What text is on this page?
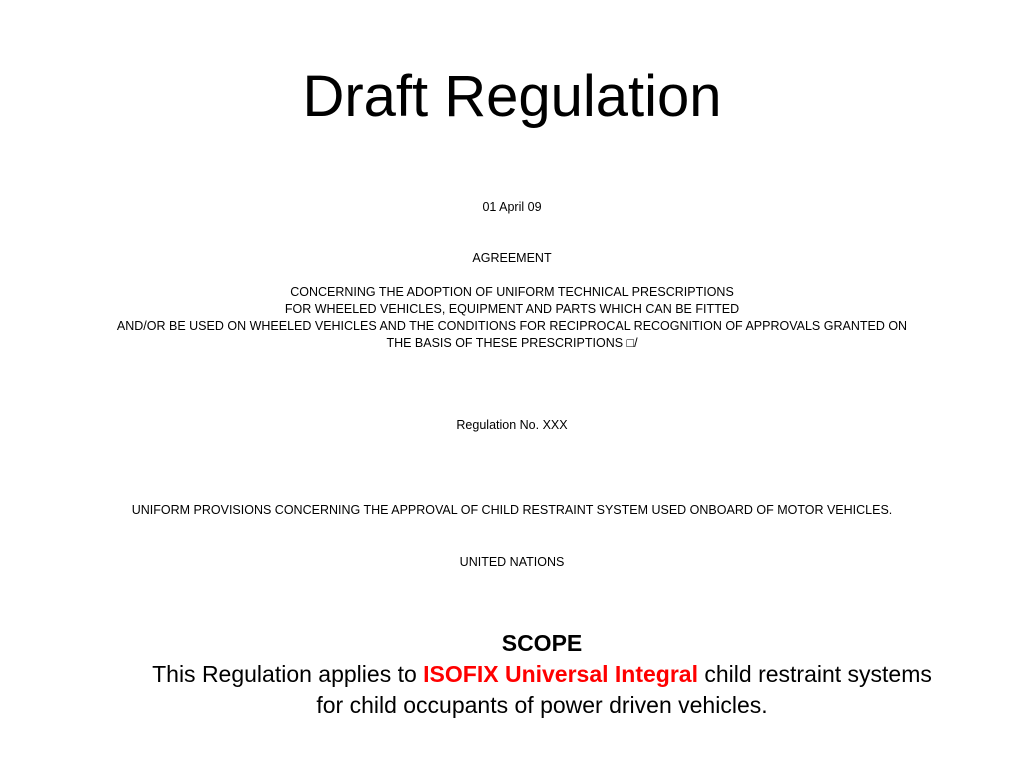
Draft Regulation

01 April 09

AGREEMENT

CONCERNING THE ADOPTION OF UNIFORM TECHNICAL PRESCRIPTIONS
FOR WHEELED VEHICLES, EQUIPMENT AND PARTS WHICH CAN BE FITTED
AND/OR BE USED ON WHEELED VEHICLES AND THE CONDITIONS FOR RECIPROCAL RECOGNITION OF APPROVALS GRANTED ON
THE BASIS OF THESE PRESCRIPTIONS □/

Regulation No. XXX

UNIFORM PROVISIONS CONCERNING THE APPROVAL OF CHILD RESTRAINT SYSTEM USED ONBOARD OF MOTOR VEHICLES.

UNITED NATIONS

SCOPE
This Regulation applies to ISOFIX Universal Integral child restraint systems
for child occupants of power driven vehicles.
